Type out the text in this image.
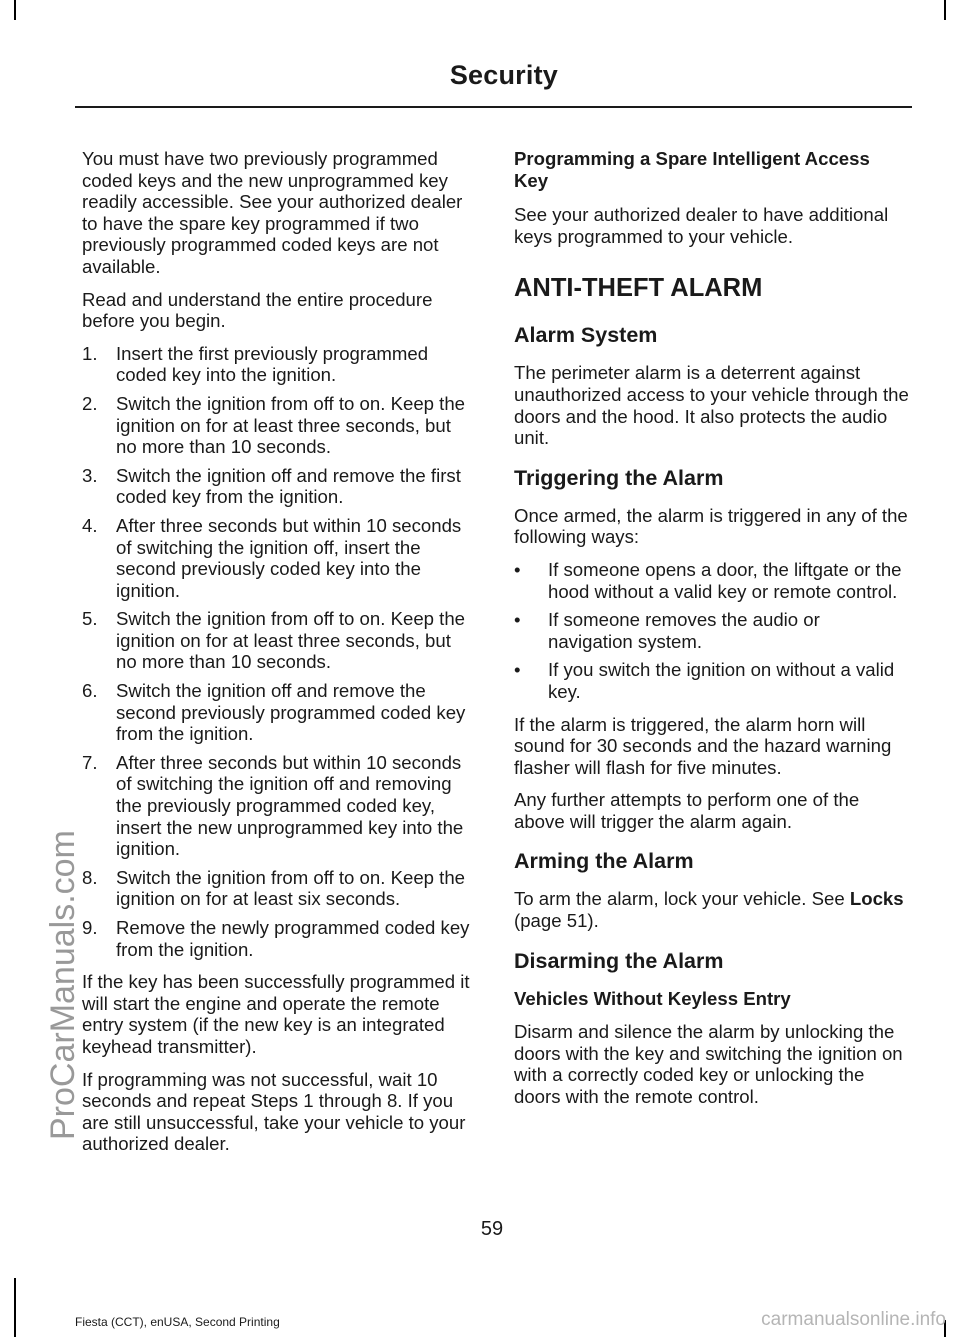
Security
ProCarManuals.com

You must have two previously programmed coded keys and the new unprogrammed key readily accessible. See your authorized dealer to have the spare key programmed if two previously programmed coded keys are not available.

Read and understand the entire procedure before you begin.

1. Insert the first previously programmed coded key into the ignition.
2. Switch the ignition from off to on. Keep the ignition on for at least three seconds, but no more than 10 seconds.
3. Switch the ignition off and remove the first coded key from the ignition.
4. After three seconds but within 10 seconds of switching the ignition off, insert the second previously coded key into the ignition.
5. Switch the ignition from off to on. Keep the ignition on for at least three seconds, but no more than 10 seconds.
6. Switch the ignition off and remove the second previously programmed coded key from the ignition.
7. After three seconds but within 10 seconds of switching the ignition off and removing the previously programmed coded key, insert the new unprogrammed key into the ignition.
8. Switch the ignition from off to on. Keep the ignition on for at least six seconds.
9. Remove the newly programmed coded key from the ignition.

If the key has been successfully programmed it will start the engine and operate the remote entry system (if the new key is an integrated keyhead transmitter).

If programming was not successful, wait 10 seconds and repeat Steps 1 through 8. If you are still unsuccessful, take your vehicle to your authorized dealer.

Programming a Spare Intelligent Access Key

See your authorized dealer to have additional keys programmed to your vehicle.

ANTI-THEFT ALARM
Alarm System

The perimeter alarm is a deterrent against unauthorized access to your vehicle through the doors and the hood. It also protects the audio unit.

Triggering the Alarm

Once armed, the alarm is triggered in any of the following ways:

• If someone opens a door, the liftgate or the hood without a valid key or remote control.
• If someone removes the audio or navigation system.
• If you switch the ignition on without a valid key.

If the alarm is triggered, the alarm horn will sound for 30 seconds and the hazard warning flasher will flash for five minutes.

Any further attempts to perform one of the above will trigger the alarm again.

Arming the Alarm

To arm the alarm, lock your vehicle. See Locks (page 51).

Disarming the Alarm
Vehicles Without Keyless Entry

Disarm and silence the alarm by unlocking the doors with the key and switching the ignition on with a correctly coded key or unlocking the doors with the remote control.

59
Fiesta (CCT), enUSA, Second Printing	carmanualsonline.info
